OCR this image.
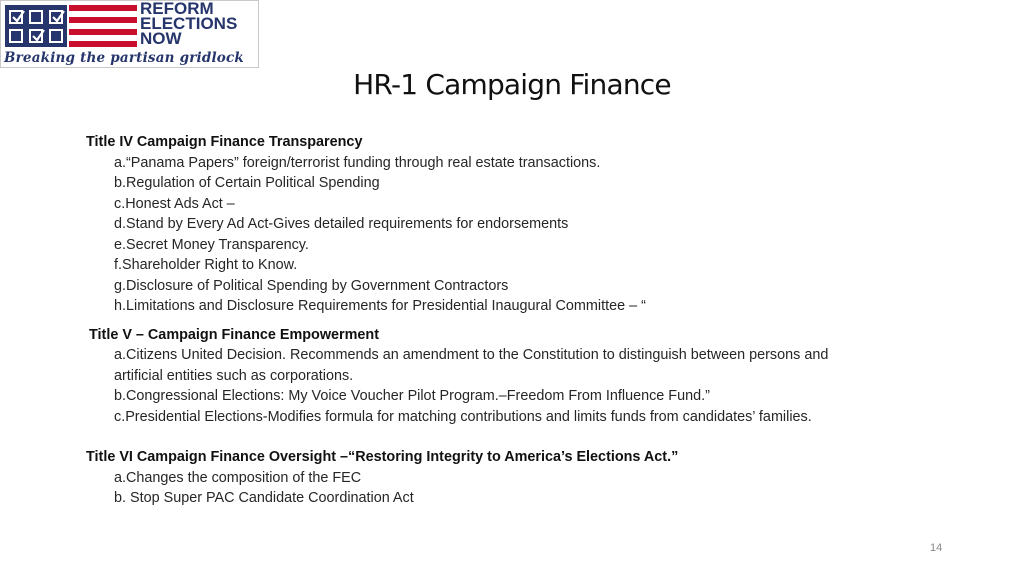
REFORM
ELECTIONS
NOW
Breaking the partisan gridlock
HR-1 Campaign Finance
Title IV Campaign Finance Transparency
a.“Panama Papers” foreign/terrorist funding through real estate transactions.
b.Regulation of Certain Political Spending
c.Honest Ads Act –
d.Stand by Every Ad Act-Gives detailed requirements for endorsements
e.Secret Money Transparency.
f.Shareholder Right to Know.
g.Disclosure of Political Spending by Government Contractors
h.Limitations and Disclosure Requirements for Presidential Inaugural Committee – “
Title V – Campaign Finance Empowerment
a.Citizens United Decision. Recommends an amendment to the Constitution to distinguish between persons and
artificial entities such as corporations.
b.Congressional Elections: My Voice Voucher Pilot Program.–Freedom From Influence Fund.”
c.Presidential Elections-Modifies formula for matching contributions and limits funds from candidates’ families.
Title VI Campaign Finance Oversight –“Restoring Integrity to America’s Elections Act.”
a.Changes the composition of the FEC
b. Stop Super PAC Candidate Coordination Act
14
